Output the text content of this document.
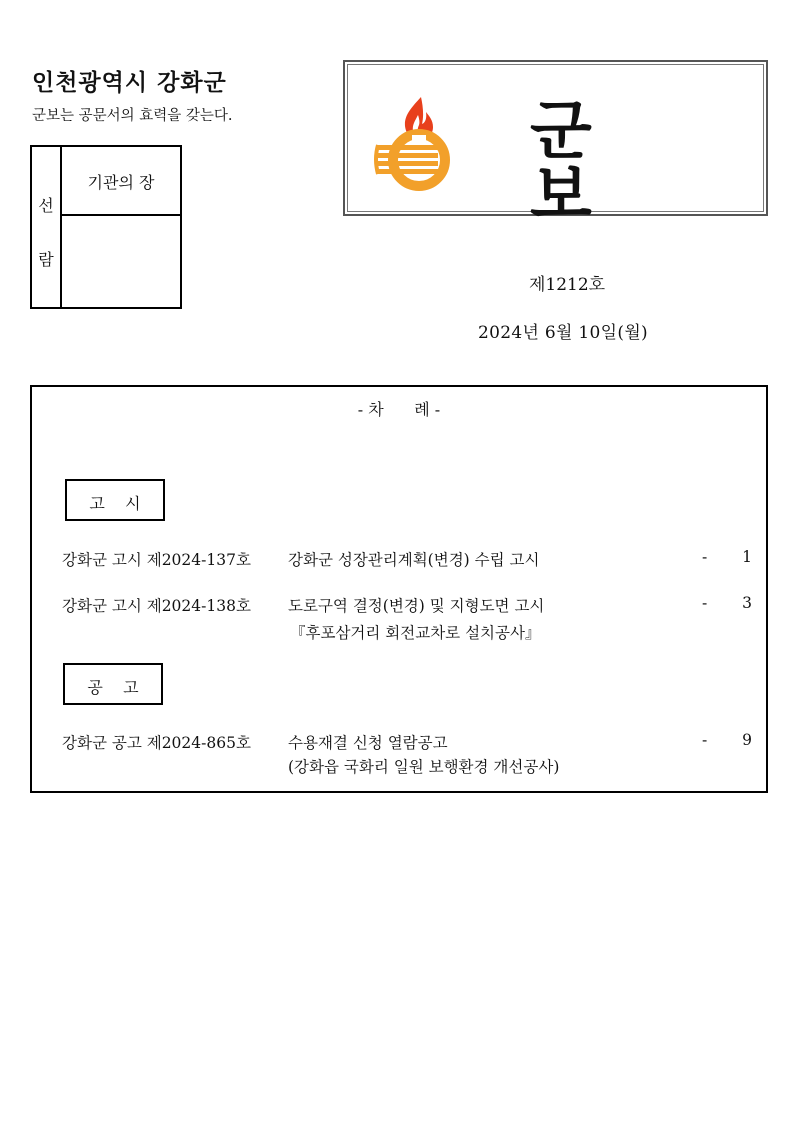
인천광역시 강화군
군보는 공문서의 효력을 갖는다.
선
람
기관의 장
군보
제1212호
2024년 6월 10일(월)
- 차      례 -
고    시
강화군 고시 제2024-137호 강화군 성장관리계획(변경) 수립 고시	- 1
강화군 고시 제2024-138호 도로구역 결정(변경) 및 지형도면 고시
『후포삼거리 회전교차로 설치공사』
- 3
공    고
강화군 공고 제2024-865호 수용재결 신청 열람공고
(강화읍 국화리 일원 보행환경 개선공사)
- 9
